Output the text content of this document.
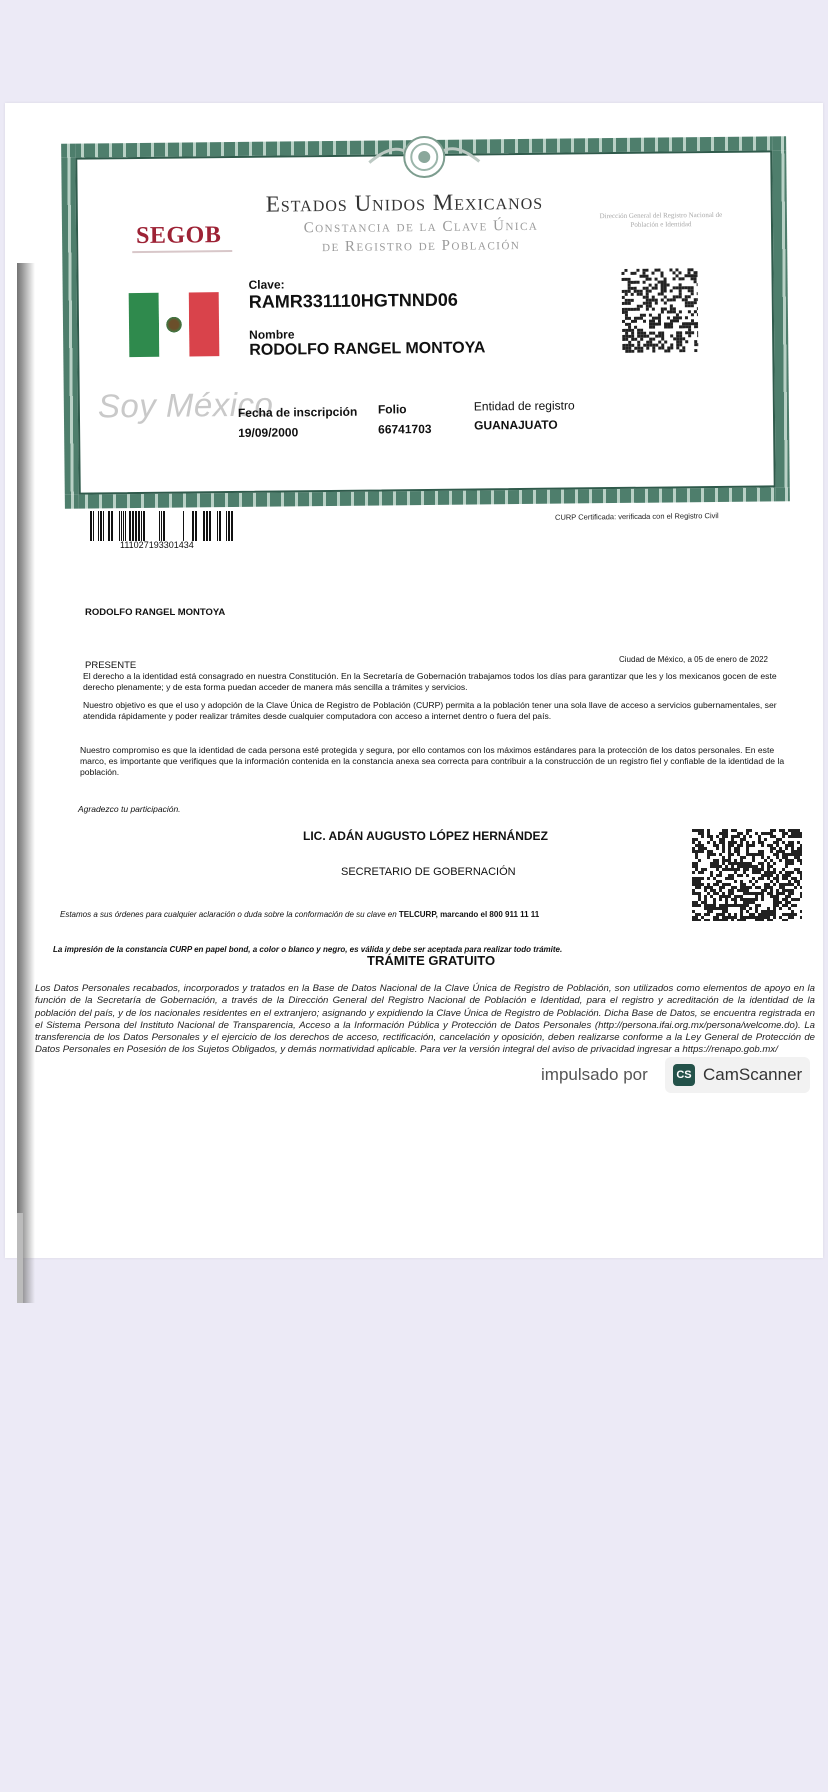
Estados Unidos Mexicanos
Constancia de la Clave Única
de Registro de Población
SEGOB
Dirección General del Registro Nacional de Población e Identidad
Clave:
RAMR331110HGTNND06
Nombre
RODOLFO RANGEL MONTOYA
Soy México
Fecha de inscripción
19/09/2000
Folio
66741703
Entidad de registro
GUANAJUATO
111027193301434
CURP Certificada: verificada con el Registro Civil
RODOLFO RANGEL MONTOYA
Ciudad de México, a 05 de enero de 2022
PRESENTE
El derecho a la identidad está consagrado en nuestra Constitución. En la Secretaría de Gobernación trabajamos todos los días para garantizar que les y los mexicanos gocen de este derecho plenamente; y de esta forma puedan acceder de manera más sencilla a trámites y servicios.
Nuestro objetivo es que el uso y adopción de la Clave Única de Registro de Población (CURP) permita a la población tener una sola llave de acceso a servicios gubernamentales, ser atendida rápidamente y poder realizar trámites desde cualquier computadora con acceso a internet dentro o fuera del país.
Nuestro compromiso es que la identidad de cada persona esté protegida y segura, por ello contamos con los máximos estándares para la protección de los datos personales. En este marco, es importante que verifiques que la información contenida en la constancia anexa sea correcta para contribuir a la construcción de un registro fiel y confiable de la identidad de la población.
Agradezco tu participación.
LIC. ADÁN AUGUSTO LÓPEZ HERNÁNDEZ
SECRETARIO DE GOBERNACIÓN
Estamos a sus órdenes para cualquier aclaración o duda sobre la conformación de su clave en TELCURP, marcando el 800 911 11 11
La impresión de la constancia CURP en papel bond, a color o blanco y negro, es válida y debe ser aceptada para realizar todo trámite.
TRÁMITE GRATUITO
Los Datos Personales recabados, incorporados y tratados en la Base de Datos Nacional de la Clave Única de Registro de Población, son utilizados como elementos de apoyo en la función de la Secretaría de Gobernación, a través de la Dirección General del Registro Nacional de Población e Identidad, para el registro y acreditación de la identidad de la población del país, y de los nacionales residentes en el extranjero; asignando y expidiendo la Clave Única de Registro de Población. Dicha Base de Datos, se encuentra registrada en el Sistema Persona del Instituto Nacional de Transparencia, Acceso a la Información Pública y Protección de Datos Personales (http://persona.ifai.org.mx/persona/welcome.do). La transferencia de los Datos Personales y el ejercicio de los derechos de acceso, rectificación, cancelación y oposición, deben realizarse conforme a la Ley General de Protección de Datos Personales en Posesión de los Sujetos Obligados, y demás normatividad aplicable. Para ver la versión integral del aviso de privacidad ingresar a https://renapo.gob.mx/
impulsado por	CS CamScanner
